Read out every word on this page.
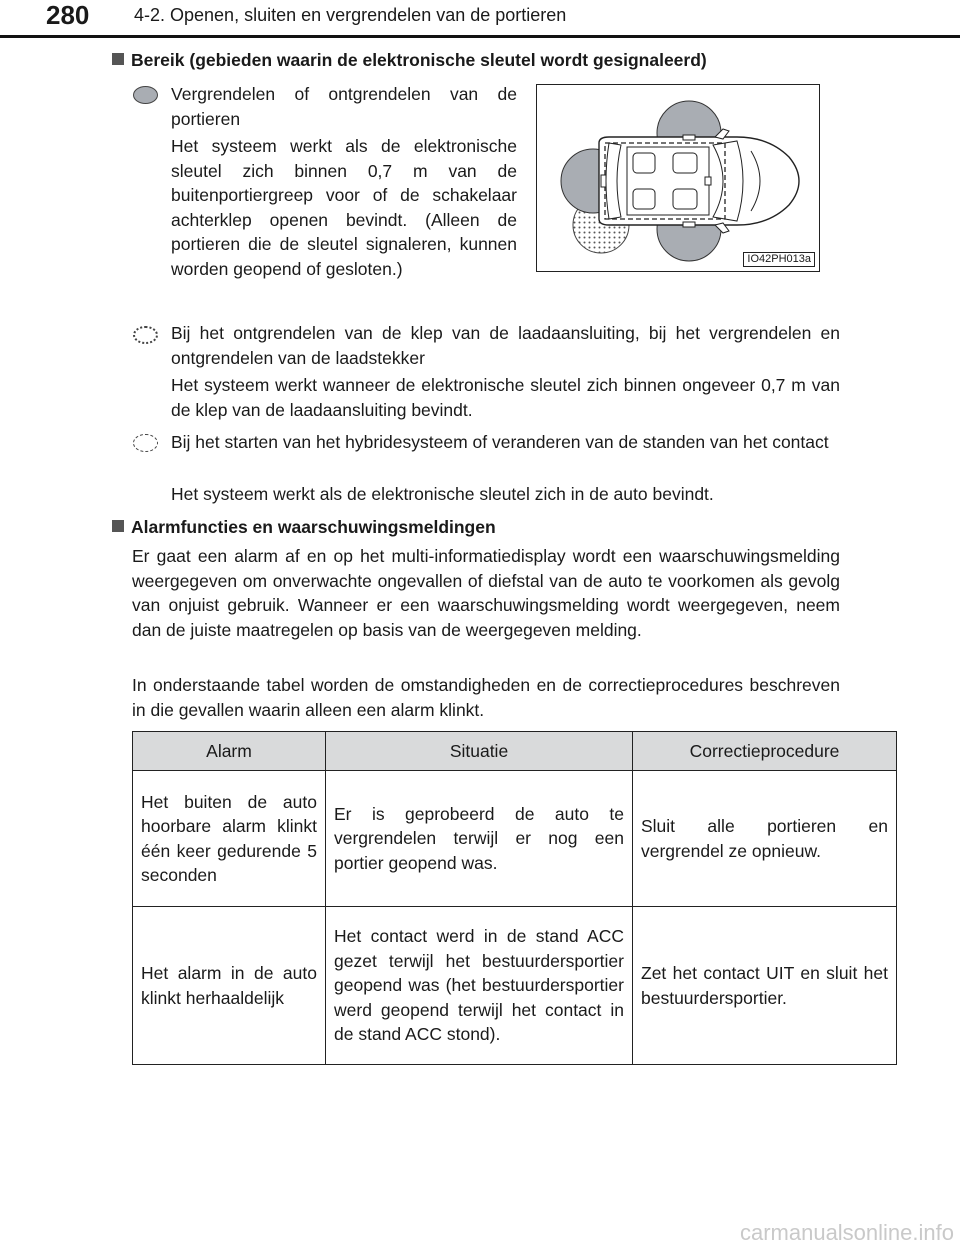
280 4-2. Openen, sluiten en vergrendelen van de portieren
Bereik (gebieden waarin de elektronische sleutel wordt gesignaleerd)

Vergrendelen of ontgrendelen van de portieren

Het systeem werkt als de elektronische sleutel zich binnen 0,7 m van de buitenportiergreep voor of de schakelaar achterklep openen bevindt. (Alleen de portieren die de sleutel signaleren, kunnen worden geopend of gesloten.)	IO42PH013a

Bij het ontgrendelen van de klep van de laadaansluiting, bij het vergrendelen en ontgrendelen van de laadstekker

Het systeem werkt wanneer de elektronische sleutel zich binnen ongeveer 0,7 m van de klep van de laadaansluiting bevindt.

Bij het starten van het hybridesysteem of veranderen van de standen van het contact

Het systeem werkt als de elektronische sleutel zich in de auto bevindt.

Alarmfuncties en waarschuwingsmeldingen

Er gaat een alarm af en op het multi-informatiedisplay wordt een waarschuwingsmelding weergegeven om onverwachte ongevallen of diefstal van de auto te voorkomen als gevolg van onjuist gebruik. Wanneer er een waarschuwingsmelding wordt weergegeven, neem dan de juiste maatregelen op basis van de weergegeven melding.

In onderstaande tabel worden de omstandigheden en de correctieprocedures beschreven in die gevallen waarin alleen een alarm klinkt.

Alarm	Situatie	Correctieprocedure
Het buiten de auto hoorbare alarm klinkt één keer gedurende 5 seconden	Er is geprobeerd de auto te vergrendelen terwijl er nog een portier geopend was.	Sluit alle portieren en vergrendel ze opnieuw.
Het alarm in de auto klinkt herhaaldelijk	Het contact werd in de stand ACC gezet terwijl het bestuurdersportier geopend was (het bestuurdersportier werd geopend terwijl het contact in de stand ACC stond).	Zet het contact UIT en sluit het bestuurdersportier.
carmanualsonline.info
